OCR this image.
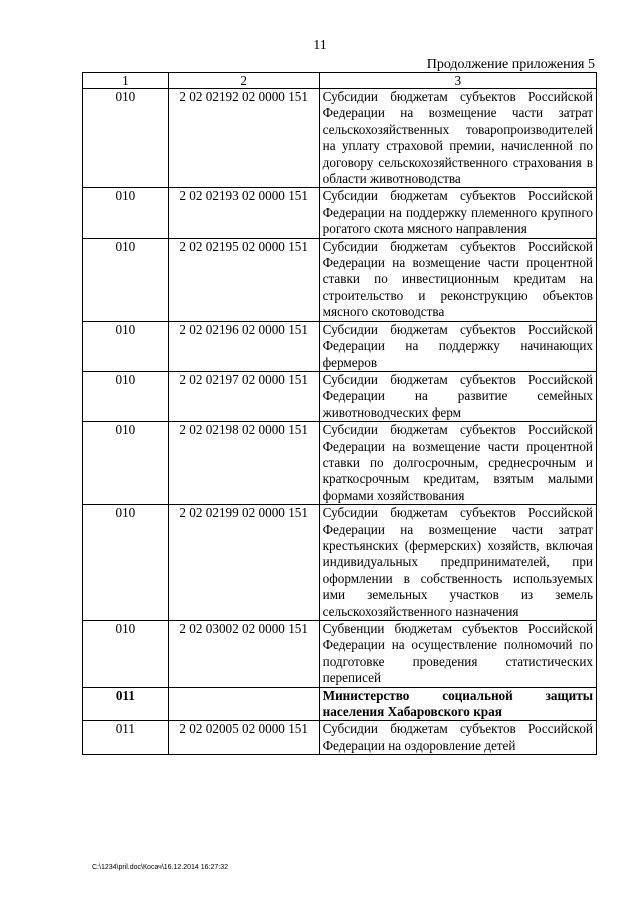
11
Продолжение приложения 5
1	2	3
010	2 02 02192 02 0000 151	Субсидии бюджетам субъектов Российской Федерации на возмещение части затрат сельскохозяйственных товаропроизводителей на уплату страховой премии, начисленной по договору сельскохозяйственного страхования в области животноводства
010	2 02 02193 02 0000 151	Субсидии бюджетам субъектов Российской Федерации на поддержку племенного крупного рогатого скота мясного направления
010	2 02 02195 02 0000 151	Субсидии бюджетам субъектов Российской Федерации на возмещение части процентной ставки по инвестиционным кредитам на строительство и реконструкцию объектов мясного скотоводства
010	2 02 02196 02 0000 151	Субсидии бюджетам субъектов Российской Федерации на поддержку начинающих фермеров
010	2 02 02197 02 0000 151	Субсидии бюджетам субъектов Российской Федерации на развитие семейных животноводческих ферм
010	2 02 02198 02 0000 151	Субсидии бюджетам субъектов Российской Федерации на возмещение части процентной ставки по долгосрочным, среднесрочным и краткосрочным кредитам, взятым малыми формами хозяйствования
010	2 02 02199 02 0000 151	Субсидии бюджетам субъектов Российской Федерации на возмещение части затрат крестьянских (фермерских) хозяйств, включая индивидуальных предпринимателей, при оформлении в собственность используемых ими земельных участков из земель сельскохозяйственного назначения
010	2 02 03002 02 0000 151	Субвенции бюджетам субъектов Российской Федерации на осуществление полномочий по подготовке проведения статистических переписей
011		Министерство социальной защиты населения Хабаровского края
011	2 02 02005 02 0000 151	Субсидии бюджетам субъектов Российской Федерации на оздоровление детей
C:\1234\pril.doc\Косач\16.12.2014 16:27:32
